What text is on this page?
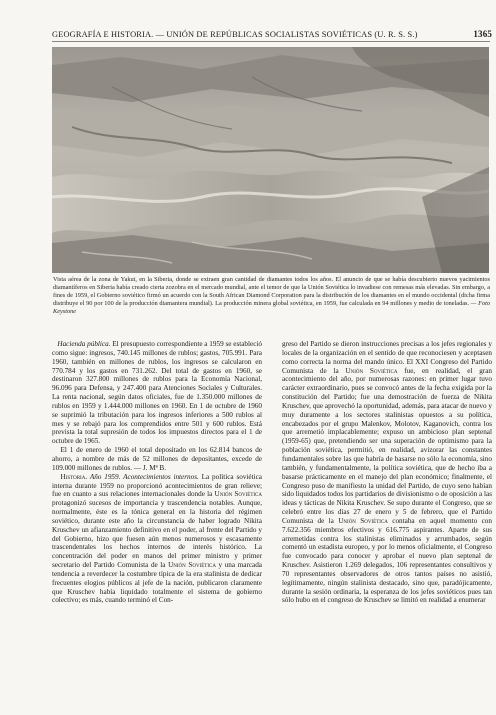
GEOGRAFÍA E HISTORIA. — UNIÓN DE REPÚBLICAS SOCIALISTAS SOVIÉTICAS (U. R. S. S.)	1365
Vista aérea de la zona de Yakut, en la Siberia, donde se extraen gran cantidad de diamantes todos los años. El anuncio de que se había descubierto nuevos yacimientos diamantíferos en Siberia había creado cierta zozobra en el mercado mundial, ante el temor de que la Unión Soviética lo invadiese con remesas más elevadas. Sin embargo, a fines de 1959, el Gobierno soviético firmó un acuerdo con la South African Diamond Corporation para la distribución de los diamantes en el mundo occidental (dicha firma distribuye el 90 por 100 de la producción diamantera mundial). La producción minera global soviética, en 1959, fue calculada en 94 millones y medio de toneladas. — Foto Keystone

Hacienda pública. El presupuesto correspondiente a 1959 se estableció como sigue: ingresos, 740.145 millones de rublos; gastos, 705.991. Para 1960, también en millones de rublos, los ingresos se calcularon en 770.784 y los gastos en 731.262. Del total de gastos en 1960, se destinaron 327.800 millones de rublos para la Economía Nacional, 96.096 para Defensa, y 247.400 para Atenciones Sociales y Culturales. La renta nacional, según datos oficiales, fue de 1.350.000 millones de rublos en 1959 y 1.444.000 millones en 1960. En 1 de octubre de 1960 se suprimió la tributación para los ingresos inferiores a 500 rublos al mes y se rebajó para los comprendidos entre 501 y 600 rublos. Está prevista la total supresión de todos los impuestos directos para el 1 de octubre de 1965.

El 1 de enero de 1960 el total depositado en los 62.814 bancos de ahorro, a nombre de más de 52 millones de depositantes, excede de 109.000 millones de rublos. — J. Mª B.

Historia. Año 1959. Acontecimientos internos. La política soviética interna durante 1959 no proporcionó acontecimientos de gran relieve; fue en cuanto a sus relaciones internacionales donde la Unión Soviética protagonizó sucesos de importancia y trascendencia notables. Aunque, normalmente, éste es la tónica general en la historia del régimen soviético, durante este año la circunstancia de haber logrado Nikita Kruschev un afianzamiento definitivo en el poder, al frente del Partido y del Gobierno, hizo que fuesen aún menos numerosos y escasamente trascendentales los hechos internos de interés histórico. La concentración del poder en manos del primer ministro y primer secretario del Partido Comunista de la Unión Soviética y una marcada tendencia a reverdecer la costumbre típica de la era stalinista de dedicar frecuentes elogios públicos al jefe de la nación, publicaron claramente que Kruschev había liquidado totalmente el sistema de gobierno colectivo; es más, cuando terminó el Con-

greso del Partido se dieron instrucciones precisas a los jefes regionales y locales de la organización en el sentido de que reconociesen y aceptasen como correcta la norma del mando único. El XXI Congreso del Partido Comunista de la Unión Soviética fue, en realidad, el gran acontecimiento del año, por numerosas razones: en primer lugar tuvo carácter extraordinario, pues se convocó antes de la fecha exigida por la constitución del Partido; fue una demostración de fuerza de Nikita Kruschev, que aprovechó la oportunidad, además, para atacar de nuevo y muy duramente a los sectores stalinistas opuestos a su política, encabezados por el grupo Malenkov, Molotov, Kaganovich, contra los que arremetió implacablemente; expuso un ambicioso plan septenal (1959-65) que, pretendiendo ser una superación de optimismo para la población soviética, permitió, en realidad, avizorar las constantes fundamentales sobre las que habría de basarse no sólo la economía, sino también, y fundamentalmente, la política soviética, que de hecho iba a basarse prácticamente en el manejo del plan económico; finalmente, el Congreso puso de manifiesto la unidad del Partido, de cuyo seno habían sido liquidados todos los partidarios de divisionismo o de oposición a las ideas y tácticas de Nikita Kruschev. Se supo durante el Congreso, que se celebró entre los días 27 de enero y 5 de febrero, que el Partido Comunista de la Unión Soviética contaba en aquel momento con 7.622.356 miembros efectivos y 616.775 aspirantes. Aparte de sus arremetidas contra los stalinistas eliminados y arrumbados, según comentó un estadista europeo, y por lo menos oficialmente, el Congreso fue convocado para conocer y aprobar el nuevo plan septenal de Kruschev. Asistieron 1.269 delegados, 106 representantes consultivos y 70 representantes observadores de otros tantos países no asistió, legítimamente, ningún stalinista destacado, sino que, paradójicamente, durante la sesión ordinaria, la esperanza de los jefes soviéticos pues tan sólo hubo en el congreso de Kruschev se limitó en realidad a enumerar
